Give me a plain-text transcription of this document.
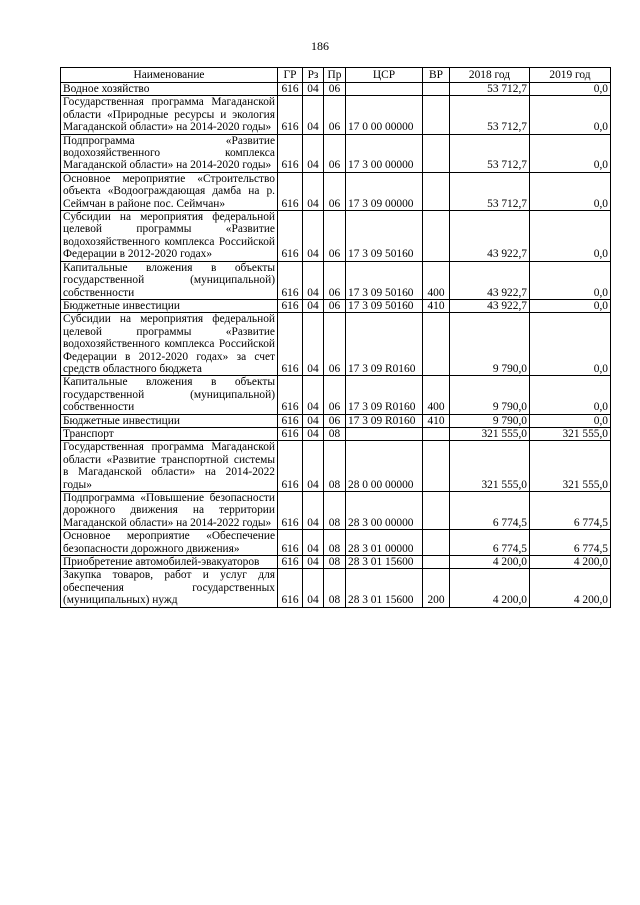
186
Наименование	ГР	Рз	Пр	ЦСР	ВР	2018 год	2019 год
Водное хозяйство	616	04	06			53 712,7	0,0
Государственная программа Магаданской области «Природные ресурсы и экология Магаданской области» на 2014-2020 годы»	616	04	06	17 0 00 00000		53 712,7	0,0
Подпрограмма «Развитие водохозяйственного комплекса Магаданской области» на 2014-2020 годы»	616	04	06	17 3 00 00000		53 712,7	0,0
Основное мероприятие «Строительство объекта «Водоограждающая дамба на р. Сеймчан в районе пос. Сеймчан»	616	04	06	17 3 09 00000		53 712,7	0,0
Субсидии на мероприятия федеральной целевой программы «Развитие водохозяйственного комплекса Российской Федерации в 2012-2020 годах»	616	04	06	17 3 09 50160		43 922,7	0,0
Капитальные вложения в объекты государственной (муниципальной) собственности	616	04	06	17 3 09 50160	400	43 922,7	0,0
Бюджетные инвестиции	616	04	06	17 3 09 50160	410	43 922,7	0,0
Субсидии на мероприятия федеральной целевой программы «Развитие водохозяйственного комплекса Российской Федерации в 2012-2020 годах» за счет средств областного бюджета	616	04	06	17 3 09 R0160		9 790,0	0,0
Капитальные вложения в объекты государственной (муниципальной) собственности	616	04	06	17 3 09 R0160	400	9 790,0	0,0
Бюджетные инвестиции	616	04	06	17 3 09 R0160	410	9 790,0	0,0
Транспорт	616	04	08			321 555,0	321 555,0
Государственная программа Магаданской области «Развитие транспортной системы в Магаданской области» на 2014-2022 годы»	616	04	08	28 0 00 00000		321 555,0	321 555,0
Подпрограмма «Повышение безопасности дорожного движения на территории Магаданской области» на 2014-2022 годы»	616	04	08	28 3 00 00000		6 774,5	6 774,5
Основное мероприятие «Обеспечение безопасности дорожного движения»	616	04	08	28 3 01 00000		6 774,5	6 774,5
Приобретение автомобилей-эвакуаторов	616	04	08	28 3 01 15600		4 200,0	4 200,0
Закупка товаров, работ и услуг для обеспечения государственных (муниципальных) нужд	616	04	08	28 3 01 15600	200	4 200,0	4 200,0
